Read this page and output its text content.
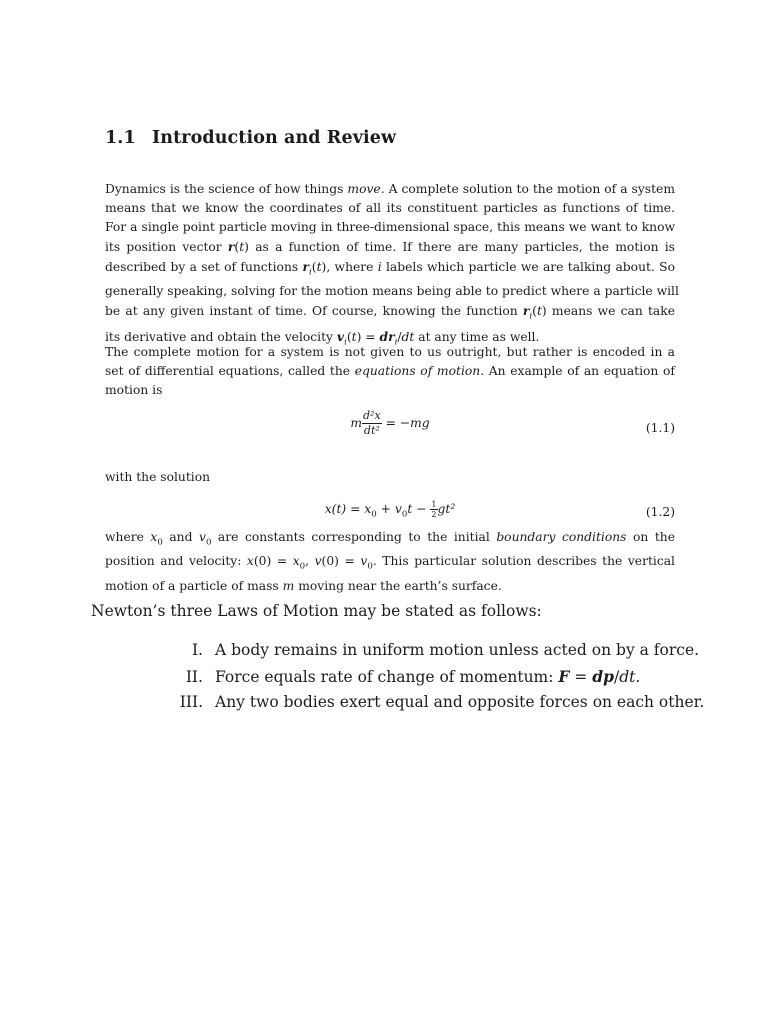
1.1 Introduction and Review
Dynamics is the science of how things move. A complete solution to the motion of a system
means that we know the coordinates of all its constituent particles as functions of time.
For a single point particle moving in three-dimensional space, this means we want to know
its position vector r(t) as a function of time. If there are many particles, the motion is
described by a set of functions $r_i(t)$, where i labels which particle we are talking about. So
generally speaking, solving for the motion means being able to predict where a particle will
be at any given instant of time. Of course, knowing the function $r_i(t)$ means we can take
its derivative and obtain the velocity $v_i(t) = dr_i/dt$ at any time as well.
The complete motion for a system is not given to us outright, but rather is encoded in a
set of differential equations, called the equations of motion. An example of an equation of
motion is
m $\frac{\text{d²x}}{\text{dt²}} = -mg$	(1.1)
with the solution
$x(t) = x_0 + v_0t - \frac{1}{2}gt^2$	(1.2)
where $x_0$ and $v_0$ are constants corresponding to the initial boundary conditions on the
position and velocity: $x(0) = x_0$, $v(0) = v_0$. This particular solution describes the vertical
motion of a particle of mass m moving near the earth’s surface.
Newton’s three Laws of Motion may be stated as follows:
I. A body remains in uniform motion unless acted on by a force.
II. Force equals rate of change of momentum: F = dp/dt.
III. Any two bodies exert equal and opposite forces on each other.
